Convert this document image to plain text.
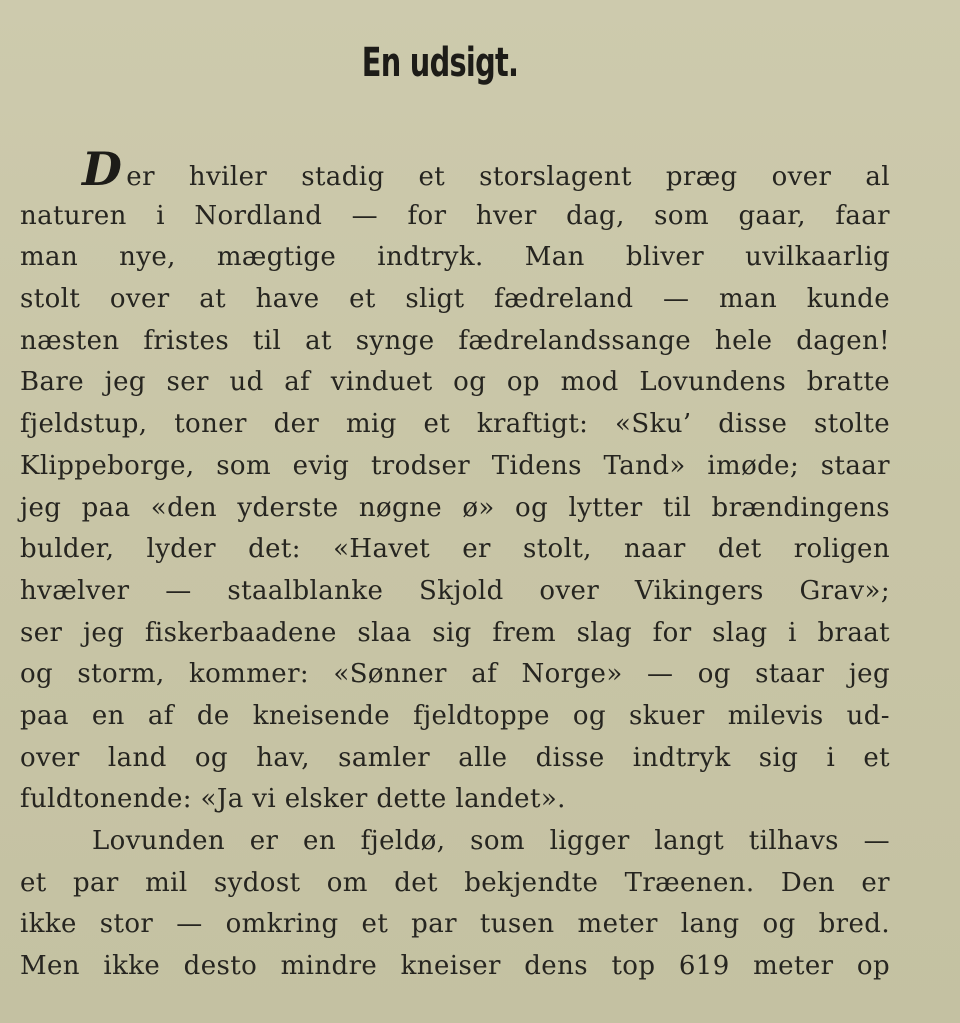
En udsigt.
D er hviler stadig et storslagent præg over al
naturen i Nordland — for hver dag, som gaar, faar
man nye, mægtige indtryk. Man bliver uvilkaarlig
stolt over at have et sligt fædreland — man kunde
næsten fristes til at synge fædrelandssange hele dagen!
Bare jeg ser ud af vinduet og op mod Lovundens bratte
fjeldstup, toner der mig et kraftigt: «Sku’ disse stolte
Klippeborge, som evig trodser Tidens Tand» imøde; staar
jeg paa «den yderste nøgne ø» og lytter til brændingens
bulder, lyder det: «Havet er stolt, naar det roligen
hvælver — staalblanke Skjold over Vikingers Grav»;
ser jeg fiskerbaadene slaa sig frem slag for slag i braat
og storm, kommer: «Sønner af Norge» — og staar jeg
paa en af de kneisende fjeldtoppe og skuer milevis ud-
over land og hav, samler alle disse indtryk sig i et
fuldtonende: «Ja vi elsker dette landet».
Lovunden er en fjeldø, som ligger langt tilhavs —
et par mil sydost om det bekjendte Træenen. Den er
ikke stor — omkring et par tusen meter lang og bred.
Men ikke desto mindre kneiser dens top 619 meter op
